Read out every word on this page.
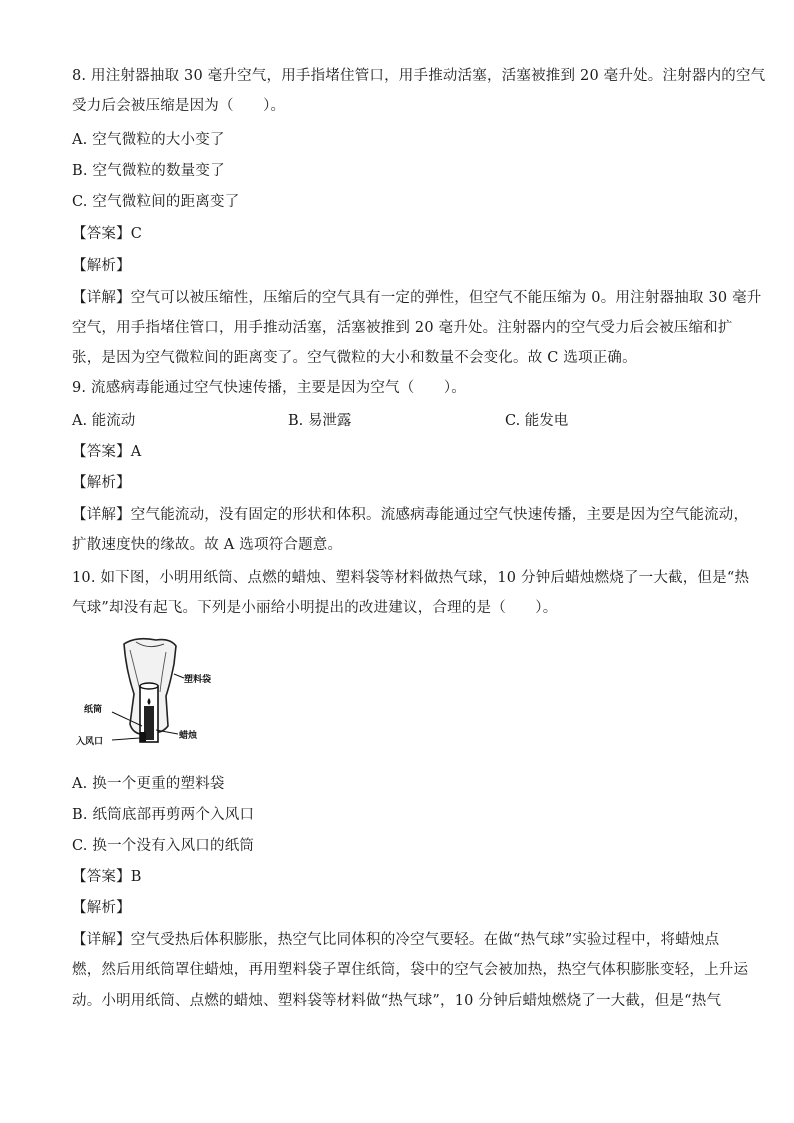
8. 用注射器抽取 30 毫升空气，用手指堵住管口，用手推动活塞，活塞被推到 20 毫升处。注射器内的空气
受力后会被压缩是因为（　　）。
A. 空气微粒的大小变了
B. 空气微粒的数量变了
C. 空气微粒间的距离变了
【答案】C
【解析】
【详解】空气可以被压缩性，压缩后的空气具有一定的弹性，但空气不能压缩为 0。用注射器抽取 30 毫升
空气，用手指堵住管口，用手推动活塞，活塞被推到 20 毫升处。注射器内的空气受力后会被压缩和扩
张，是因为空气微粒间的距离变了。空气微粒的大小和数量不会变化。故 C 选项正确。
9. 流感病毒能通过空气快速传播，主要是因为空气（　　）。
A. 能流动	B. 易泄露	C. 能发电
【答案】A
【解析】
【详解】空气能流动，没有固定的形状和体积。流感病毒能通过空气快速传播，主要是因为空气能流动，
扩散速度快的缘故。故 A 选项符合题意。
10. 如下图，小明用纸筒、点燃的蜡烛、塑料袋等材料做热气球，10 分钟后蜡烛燃烧了一大截，但是“热
气球”却没有起飞。下列是小丽给小明提出的改进建议，合理的是（　　）。
塑料袋
纸筒
入风口
蜡烛
A. 换一个更重的塑料袋
B. 纸筒底部再剪两个入风口
C. 换一个没有入风口的纸筒
【答案】B
【解析】
【详解】空气受热后体积膨胀，热空气比同体积的冷空气要轻。在做“热气球”实验过程中，将蜡烛点
燃，然后用纸筒罩住蜡烛，再用塑料袋子罩住纸筒，袋中的空气会被加热，热空气体积膨胀变轻，上升运
动。小明用纸筒、点燃的蜡烛、塑料袋等材料做“热气球”，10 分钟后蜡烛燃烧了一大截，但是“热气
